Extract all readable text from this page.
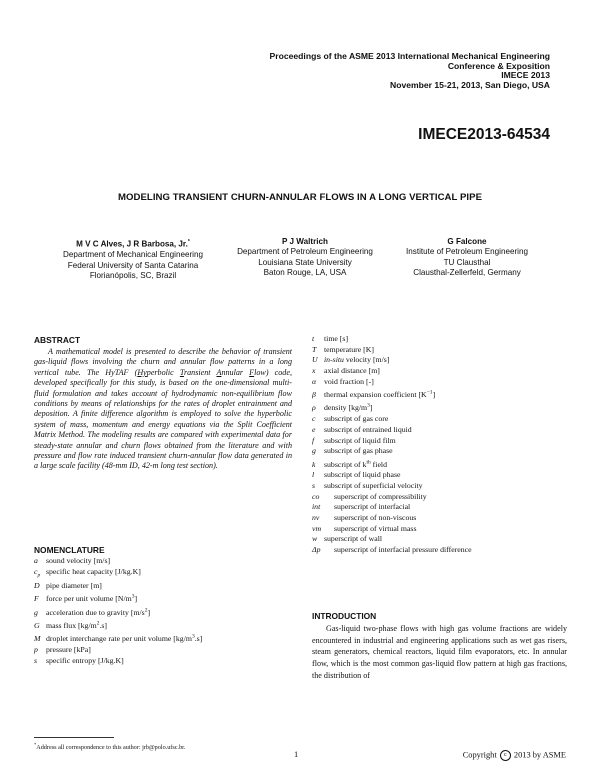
Proceedings of the ASME 2013 International Mechanical Engineering
Conference & Exposition
IMECE 2013
November 15-21, 2013, San Diego, USA
IMECE2013-64534
MODELING TRANSIENT CHURN-ANNULAR FLOWS IN A LONG VERTICAL PIPE
M V C Alves, J R Barbosa, Jr.*
Department of Mechanical Engineering
Federal University of Santa Catarina
Florianópolis, SC, Brazil
P J Waltrich
Department of Petroleum Engineering
Louisiana State University
Baton Rouge, LA, USA
G Falcone
Institute of Petroleum Engineering
TU Clausthal
Clausthal-Zellerfeld, Germany
ABSTRACT
A mathematical model is presented to describe the behavior of transient gas-liquid flows involving the churn and annular flow patterns in a long vertical tube. The HyTAF (Hyperbolic Transient Annular Flow) code, developed specifically for this study, is based on the one-dimensional multi-fluid formulation and takes account of hydrodynamic non-equilibrium flow conditions by means of relationships for the rates of droplet entrainment and deposition. A finite difference algorithm is employed to solve the hyperbolic system of mass, momentum and energy equations via the Split Coefficient Matrix Method. The modeling results are compared with experimental data for steady-state annular and churn flows obtained from the literature and with pressure and flow rate induced transient churn-annular flow data generated in a large scale facility (48-mm ID, 42-m long test section).
NOMENCLATURE
a sound velocity [m/s]
$c_p$ specific heat capacity [J/kg.K]
D pipe diameter [m]
F force per unit volume $[N/m^3]$
g acceleration due to gravity $[m/s^2]$
G mass flux $[kg/m^2.s]$
M droplet interchange rate per unit volume $[kg/m^3.s]$
p pressure [kPa]
s specific entropy [J/kg.K]
t time [s]
T temperature [K]
U in-situ velocity [m/s]
x axial distance [m]
α void fraction [-]
β thermal expansion coefficient $[K^{-1}]$
ρ density $[kg/m^3]$
c subscript of gas core
e subscript of entrained liquid
f subscript of liquid film
g subscript of gas phase
k subscript of $k^{th}$ field
l subscript of liquid phase
s subscript of superficial velocity
co superscript of compressibility
int superscript of interfacial
nv superscript of non-viscous
vm superscript of virtual mass
w superscript of wall
Δp superscript of interfacial pressure difference
INTRODUCTION
Gas-liquid two-phase flows with high gas volume fractions are widely encountered in industrial and engineering applications such as wet gas risers, steam generators, chemical reactors, liquid film evaporators, etc. In annular flow, which is the most common gas-liquid flow pattern at high gas fractions, the distribution of
*Address all correspondence to this author: jrb@polo.ufsc.br.
1	Copyright c 2013 by ASME
